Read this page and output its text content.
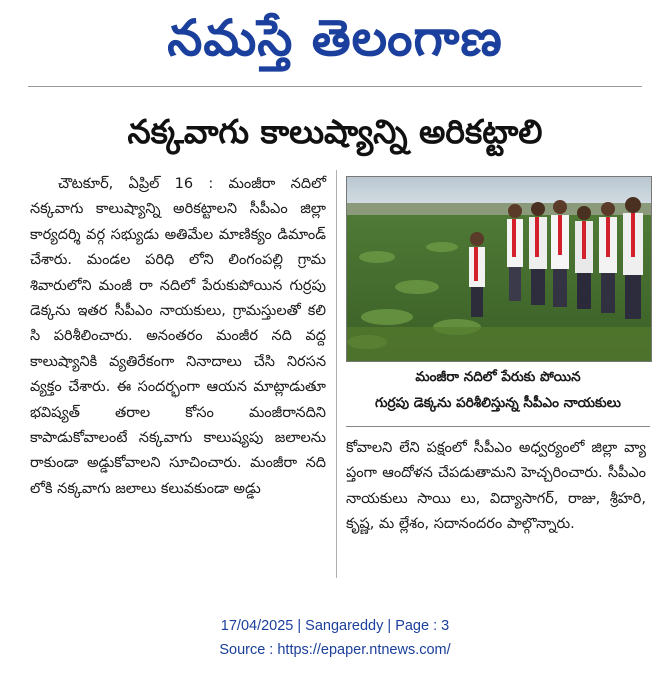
నమస్తే తెలంగాణ
నక్కవాగు కాలుష్యాన్ని అరికట్టాలి

చౌటకూర్, ఏప్రిల్ 16 : మంజీరా నదిలో నక్కవాగు కాలుష్యాన్ని అరికట్టాలని సీపీఎం జిల్లా కార్యదర్శి వర్గ సభ్యుడు అతిమేల మాణిక్యం డిమాండ్ చేశారు. మండల పరిధి లోని లింగంపల్లి గ్రామ శివారులోని మంజీ రా నదిలో పేరుకుపోయిన గుర్రపు డెక్కను ఇతర సీపీఎం నాయకులు, గ్రామస్తులతో కలి సి పరిశీలించారు. అనంతరం మంజీర నది వద్ద కాలుష్యానికి వ్యతిరేకంగా నినాదాలు చేసి నిరసన వ్యక్తం చేశారు. ఈ సందర్భంగా ఆయన మాట్లాడుతూ భవిష్యత్ తరాల కోసం మంజీరానదిని కాపాడుకోవాలంటే నక్కవాగు కాలుష్యపు జలాలను రాకుండా అడ్డుకోవాలని సూచించారు. మంజీరా నది లోకి నక్కవాగు జలాలు కలువకుండా అడ్డు

మంజీరా నదిలో పేరుకు పోయిన
గుర్రపు డెక్కను పరిశీలిస్తున్న సీపీఎం నాయకులు

కోవాలని లేని పక్షంలో సీపీఎం అధ్వర్యంలో జిల్లా వ్యా ప్తంగా ఆందోళన చేపడుతామని హెచ్చరించారు. సీపీఎం నాయకులు సాయి లు, విద్యాసాగర్, రాజు, శ్రీహరి, కృష్ణ, మ ల్లేశం, సదానందరం పాల్గొన్నారు.

17/04/2025 | Sangareddy | Page : 3
Source : https://epaper.ntnews.com/
